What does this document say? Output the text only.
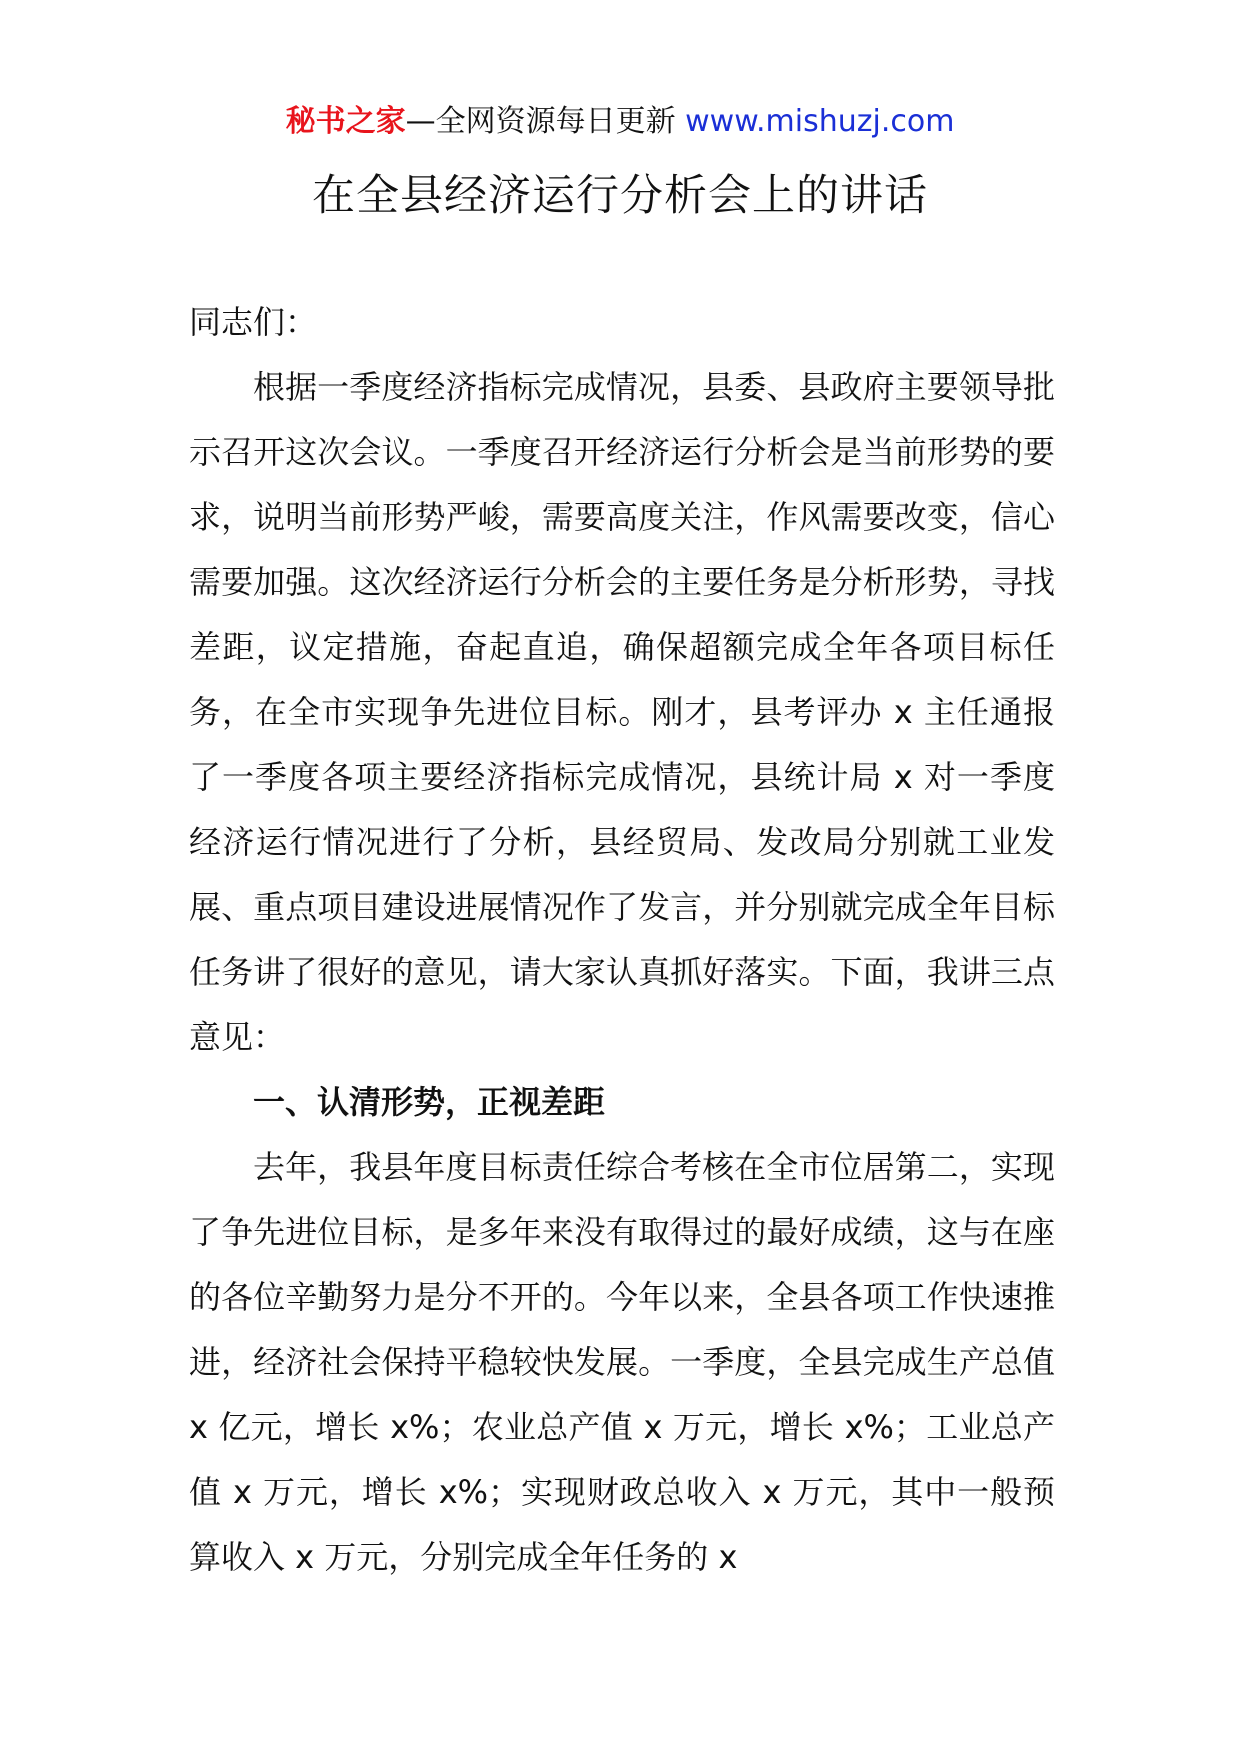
秘书之家—全网资源每日更新 www.mishuzj.com
在全县经济运行分析会上的讲话

同志们：

根据一季度经济指标完成情况，县委、县政府主要领导批示召开这次会议。一季度召开经济运行分析会是当前形势的要求，说明当前形势严峻，需要高度关注，作风需要改变，信心需要加强。这次经济运行分析会的主要任务是分析形势，寻找差距，议定措施，奋起直追，确保超额完成全年各项目标任务，在全市实现争先进位目标。刚才，县考评办 x 主任通报了一季度各项主要经济指标完成情况，县统计局 x 对一季度经济运行情况进行了分析，县经贸局、发改局分别就工业发展、重点项目建设进展情况作了发言，并分别就完成全年目标任务讲了很好的意见，请大家认真抓好落实。下面，我讲三点意见：

一、认清形势，正视差距

去年，我县年度目标责任综合考核在全市位居第二，实现了争先进位目标，是多年来没有取得过的最好成绩，这与在座的各位辛勤努力是分不开的。今年以来，全县各项工作快速推进，经济社会保持平稳较快发展。一季度，全县完成生产总值 x 亿元，增长 x%；农业总产值 x 万元，增长 x%；工业总产值 x 万元，增长 x%；实现财政总收入 x 万元，其中一般预算收入 x 万元，分别完成全年任务的 x
